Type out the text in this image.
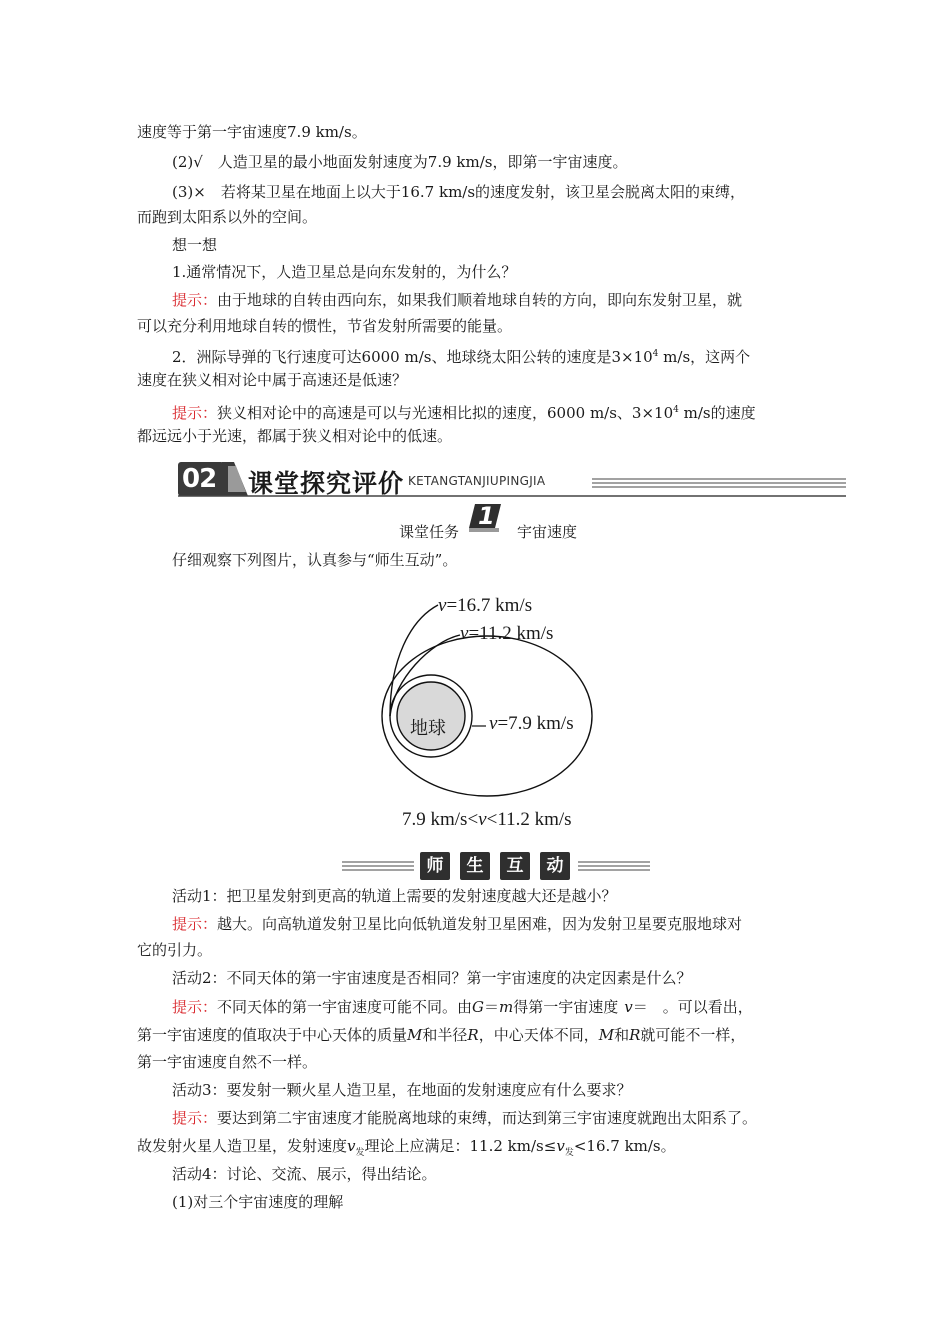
速度等于第一宇宙速度7.9 km/s。
(2)√　人造卫星的最小地面发射速度为7.9 km/s，即第一宇宙速度。
(3)×　若将某卫星在地面上以大于16.7 km/s的速度发射，该卫星会脱离太阳的束缚，
而跑到太阳系以外的空间。
想一想
1.通常情况下，人造卫星总是向东发射的，为什么？
提示：由于地球的自转由西向东，如果我们顺着地球自转的方向，即向东发射卫星，就
可以充分利用地球自转的惯性，节省发射所需要的能量。
2．洲际导弹的飞行速度可达6000 m/s、地球绕太阳公转的速度是$3\times 10^4$ m/s，这两个
速度在狭义相对论中属于高速还是低速？
提示：狭义相对论中的高速是可以与光速相比拟的速度，6000 m/s、$3\times 10^4$ m/s的速度
都远远小于光速，都属于狭义相对论中的低速。
02 课堂探究评价 KETANGTANJIUPINGJIA
课堂任务
1
宇宙速度
仔细观察下列图片，认真参与“师生互动”。
v=16.7 km/s
v=11.2 km/s
v=7.9 km/s
地球
7.9 km/s<v<11.2 km/s
师	生	互	动
活动1：把卫星发射到更高的轨道上需要的发射速度越大还是越小？
提示：越大。向高轨道发射卫星比向低轨道发射卫星困难，因为发射卫星要克服地球对
它的引力。
活动2：不同天体的第一宇宙速度是否相同？第一宇宙速度的决定因素是什么？
提示：不同天体的第一宇宙速度可能不同。由G＝m得第一宇宙速度 v＝　。可以看出，
第一宇宙速度的值取决于中心天体的质量M和半径R，中心天体不同，M和R就可能不一样，
第一宇宙速度自然不一样。
活动3：要发射一颗火星人造卫星，在地面的发射速度应有什么要求？
提示：要达到第二宇宙速度才能脱离地球的束缚，而达到第三宇宙速度就跑出太阳系了。
故发射火星人造卫星，发射速度$v_发$理论上应满足：11.2 $km/s\le v_发<16.7$ km/s。
活动4：讨论、交流、展示，得出结论。
(1)对三个宇宙速度的理解
